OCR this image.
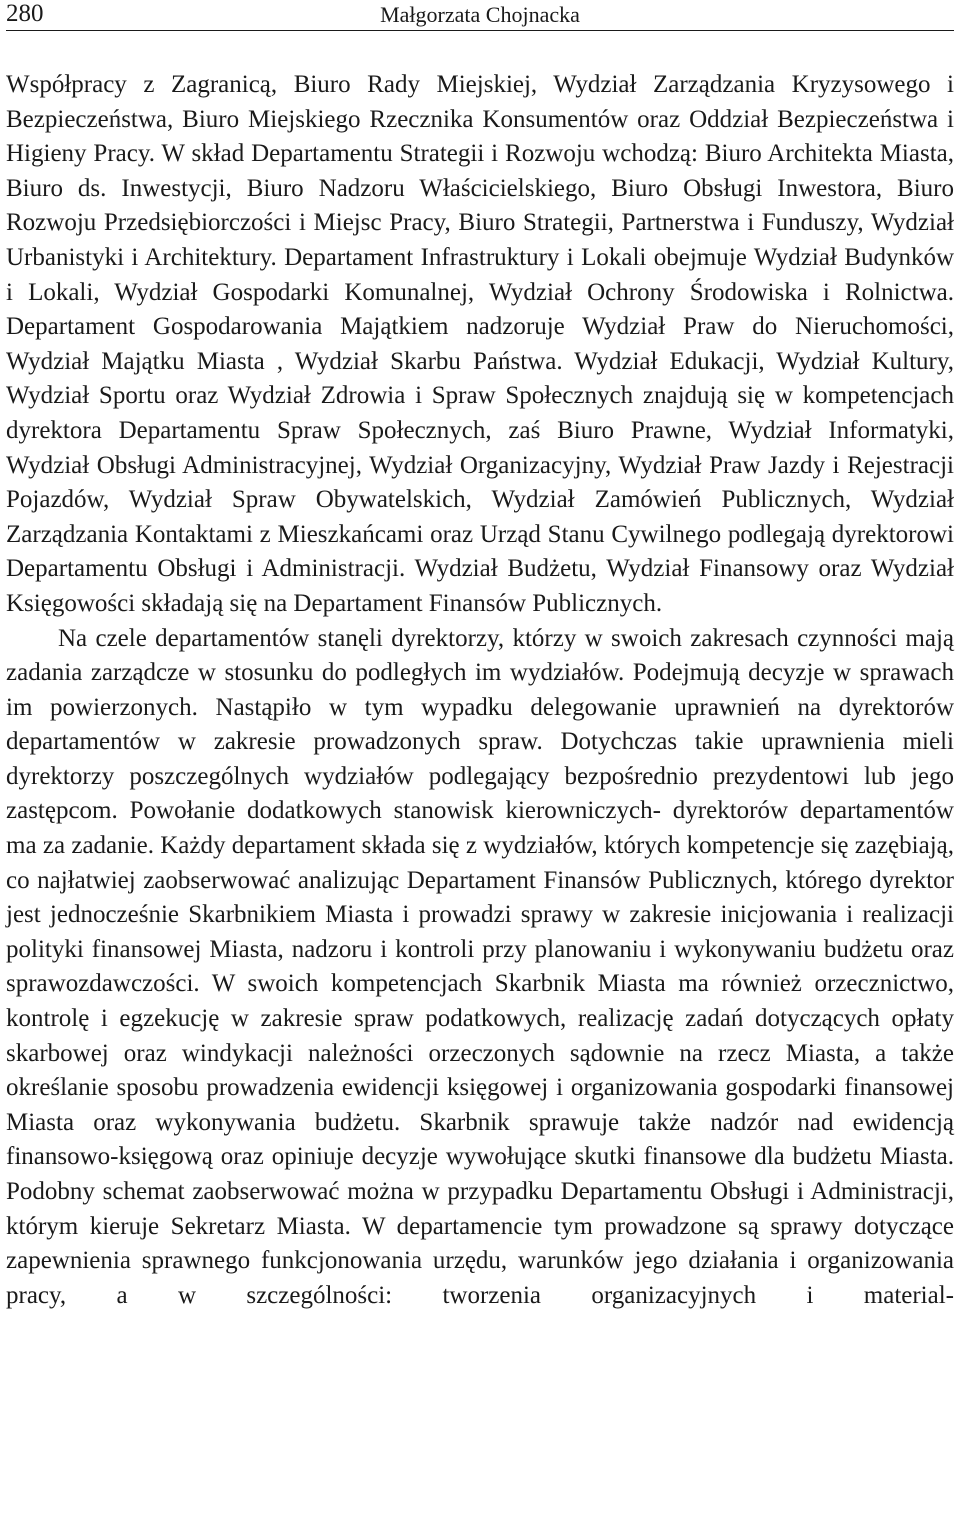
280	Małgorzata Chojnacka

Współpracy z Zagranicą, Biuro Rady Miejskiej, Wydział Zarządzania Kryzysowego i Bezpieczeństwa, Biuro Miejskiego Rzecznika Konsumentów oraz Oddział Bezpieczeństwa i Higieny Pracy. W skład Departamentu Strategii i Rozwoju wchodzą: Biuro Architekta Miasta, Biuro ds. Inwestycji, Biuro Nadzoru Właścicielskiego, Biuro Obsługi Inwestora, Biuro Rozwoju Przedsiębiorczości i Miejsc Pracy, Biuro Strategii, Partnerstwa i Funduszy, Wydział Urbanistyki i Architektury. Departament Infrastruktury i Lokali obejmuje Wydział Budynków i Lokali, Wydział Gospodarki Komunalnej, Wydział Ochrony Środowiska i Rolnictwa. Departament Gospodarowania Majątkiem nadzoruje Wydział Praw do Nieruchomości, Wydział Majątku Miasta , Wydział Skarbu Państwa. Wydział Edukacji, Wydział Kultury, Wydział Sportu oraz Wydział Zdrowia i Spraw Społecznych znajdują się w kompetencjach dyrektora Departamentu Spraw Społecznych, zaś Biuro Prawne, Wydział Informatyki, Wydział Obsługi Administracyjnej, Wydział Organizacyjny, Wydział Praw Jazdy i Rejestracji Pojazdów, Wydział Spraw Obywatelskich, Wydział Zamówień Publicznych, Wydział Zarządzania Kontaktami z Mieszkańcami oraz Urząd Stanu Cywilnego podlegają dyrektorowi Departamentu Obsługi i Administracji. Wydział Budżetu, Wydział Finansowy oraz Wydział Księgowości składają się na Departament Finansów Publicznych.

Na czele departamentów stanęli dyrektorzy, którzy w swoich zakresach czynności mają zadania zarządcze w stosunku do podległych im wydziałów. Podejmują decyzje w sprawach im powierzonych. Nastąpiło w tym wypadku delegowanie uprawnień na dyrektorów departamentów w zakresie prowadzonych spraw. Dotychczas takie uprawnienia mieli dyrektorzy poszczególnych wydziałów podlegający bezpośrednio prezydentowi lub jego zastępcom. Powołanie dodatkowych stanowisk kierowniczych- dyrektorów departamentów ma za zadanie. Każdy departament składa się z wydziałów, których kompetencje się zazębiają, co najłatwiej zaobserwować analizując Departament Finansów Publicznych, którego dyrektor jest jednocześnie Skarbnikiem Miasta i prowadzi sprawy w zakresie inicjowania i realizacji polityki finansowej Miasta, nadzoru i kontroli przy planowaniu i wykonywaniu budżetu oraz sprawozdawczości. W swoich kompetencjach Skarbnik Miasta ma również orzecznictwo, kontrolę i egzekucję w zakresie spraw podatkowych, realizację zadań dotyczących opłaty skarbowej oraz windykacji należności orzeczonych sądownie na rzecz Miasta, a także określanie sposobu prowadzenia ewidencji księgowej i organizowania gospodarki finansowej Miasta oraz wykonywania budżetu. Skarbnik sprawuje także nadzór nad ewidencją finansowo-księgową oraz opiniuje decyzje wywołujące skutki finansowe dla budżetu Miasta. Podobny schemat zaobserwować można w przypadku Departamentu Obsługi i Administracji, którym kieruje Sekretarz Miasta. W departamencie tym prowadzone są sprawy dotyczące zapewnienia sprawnego funkcjonowania urzędu, warunków jego działania i organizowania pracy, a w szczególności: tworzenia organizacyjnych i material-
